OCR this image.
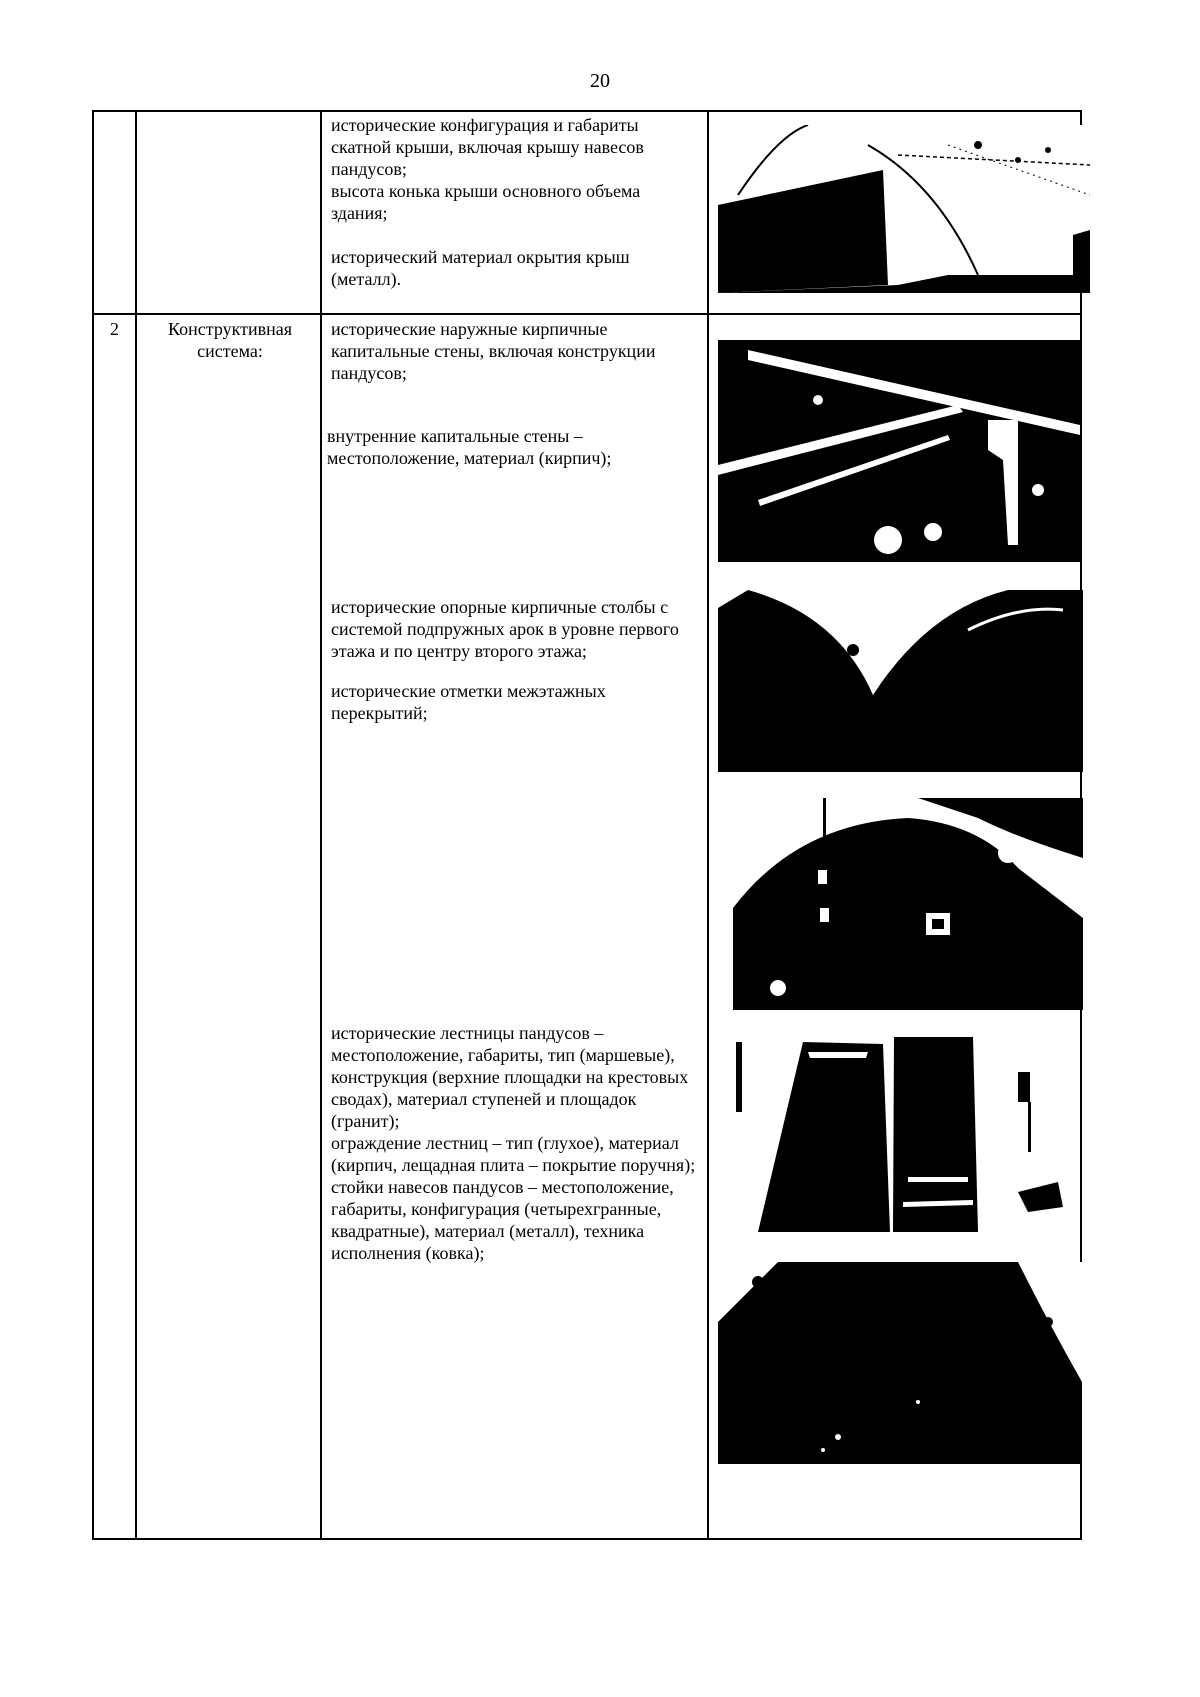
20

исторические конфигурация и габариты скатной крыши, включая крышу навесов пандусов;

высота конька крыши основного объема здания;

исторический материал окрытия крыш (металл).

2	Конструктивная система:

исторические наружные кирпичные капитальные стены, включая конструкции пандусов;

внутренние капитальные стены – местоположение, материал (кирпич);

исторические опорные кирпичные столбы с системой подпружных арок в уровне первого этажа и по центру второго этажа;

исторические отметки межэтажных перекрытий;

исторические лестницы пандусов – местоположение, габариты, тип (маршевые), конструкция (верхние площадки на крестовых сводах), материал ступеней и площадок (гранит);

ограждение лестниц – тип (глухое), материал (кирпич, лещадная плита – покрытие поручня);

стойки навесов пандусов – местоположение, габариты, конфигурация (четырехгранные, квадратные), материал (металл), техника исполнения (ковка);
